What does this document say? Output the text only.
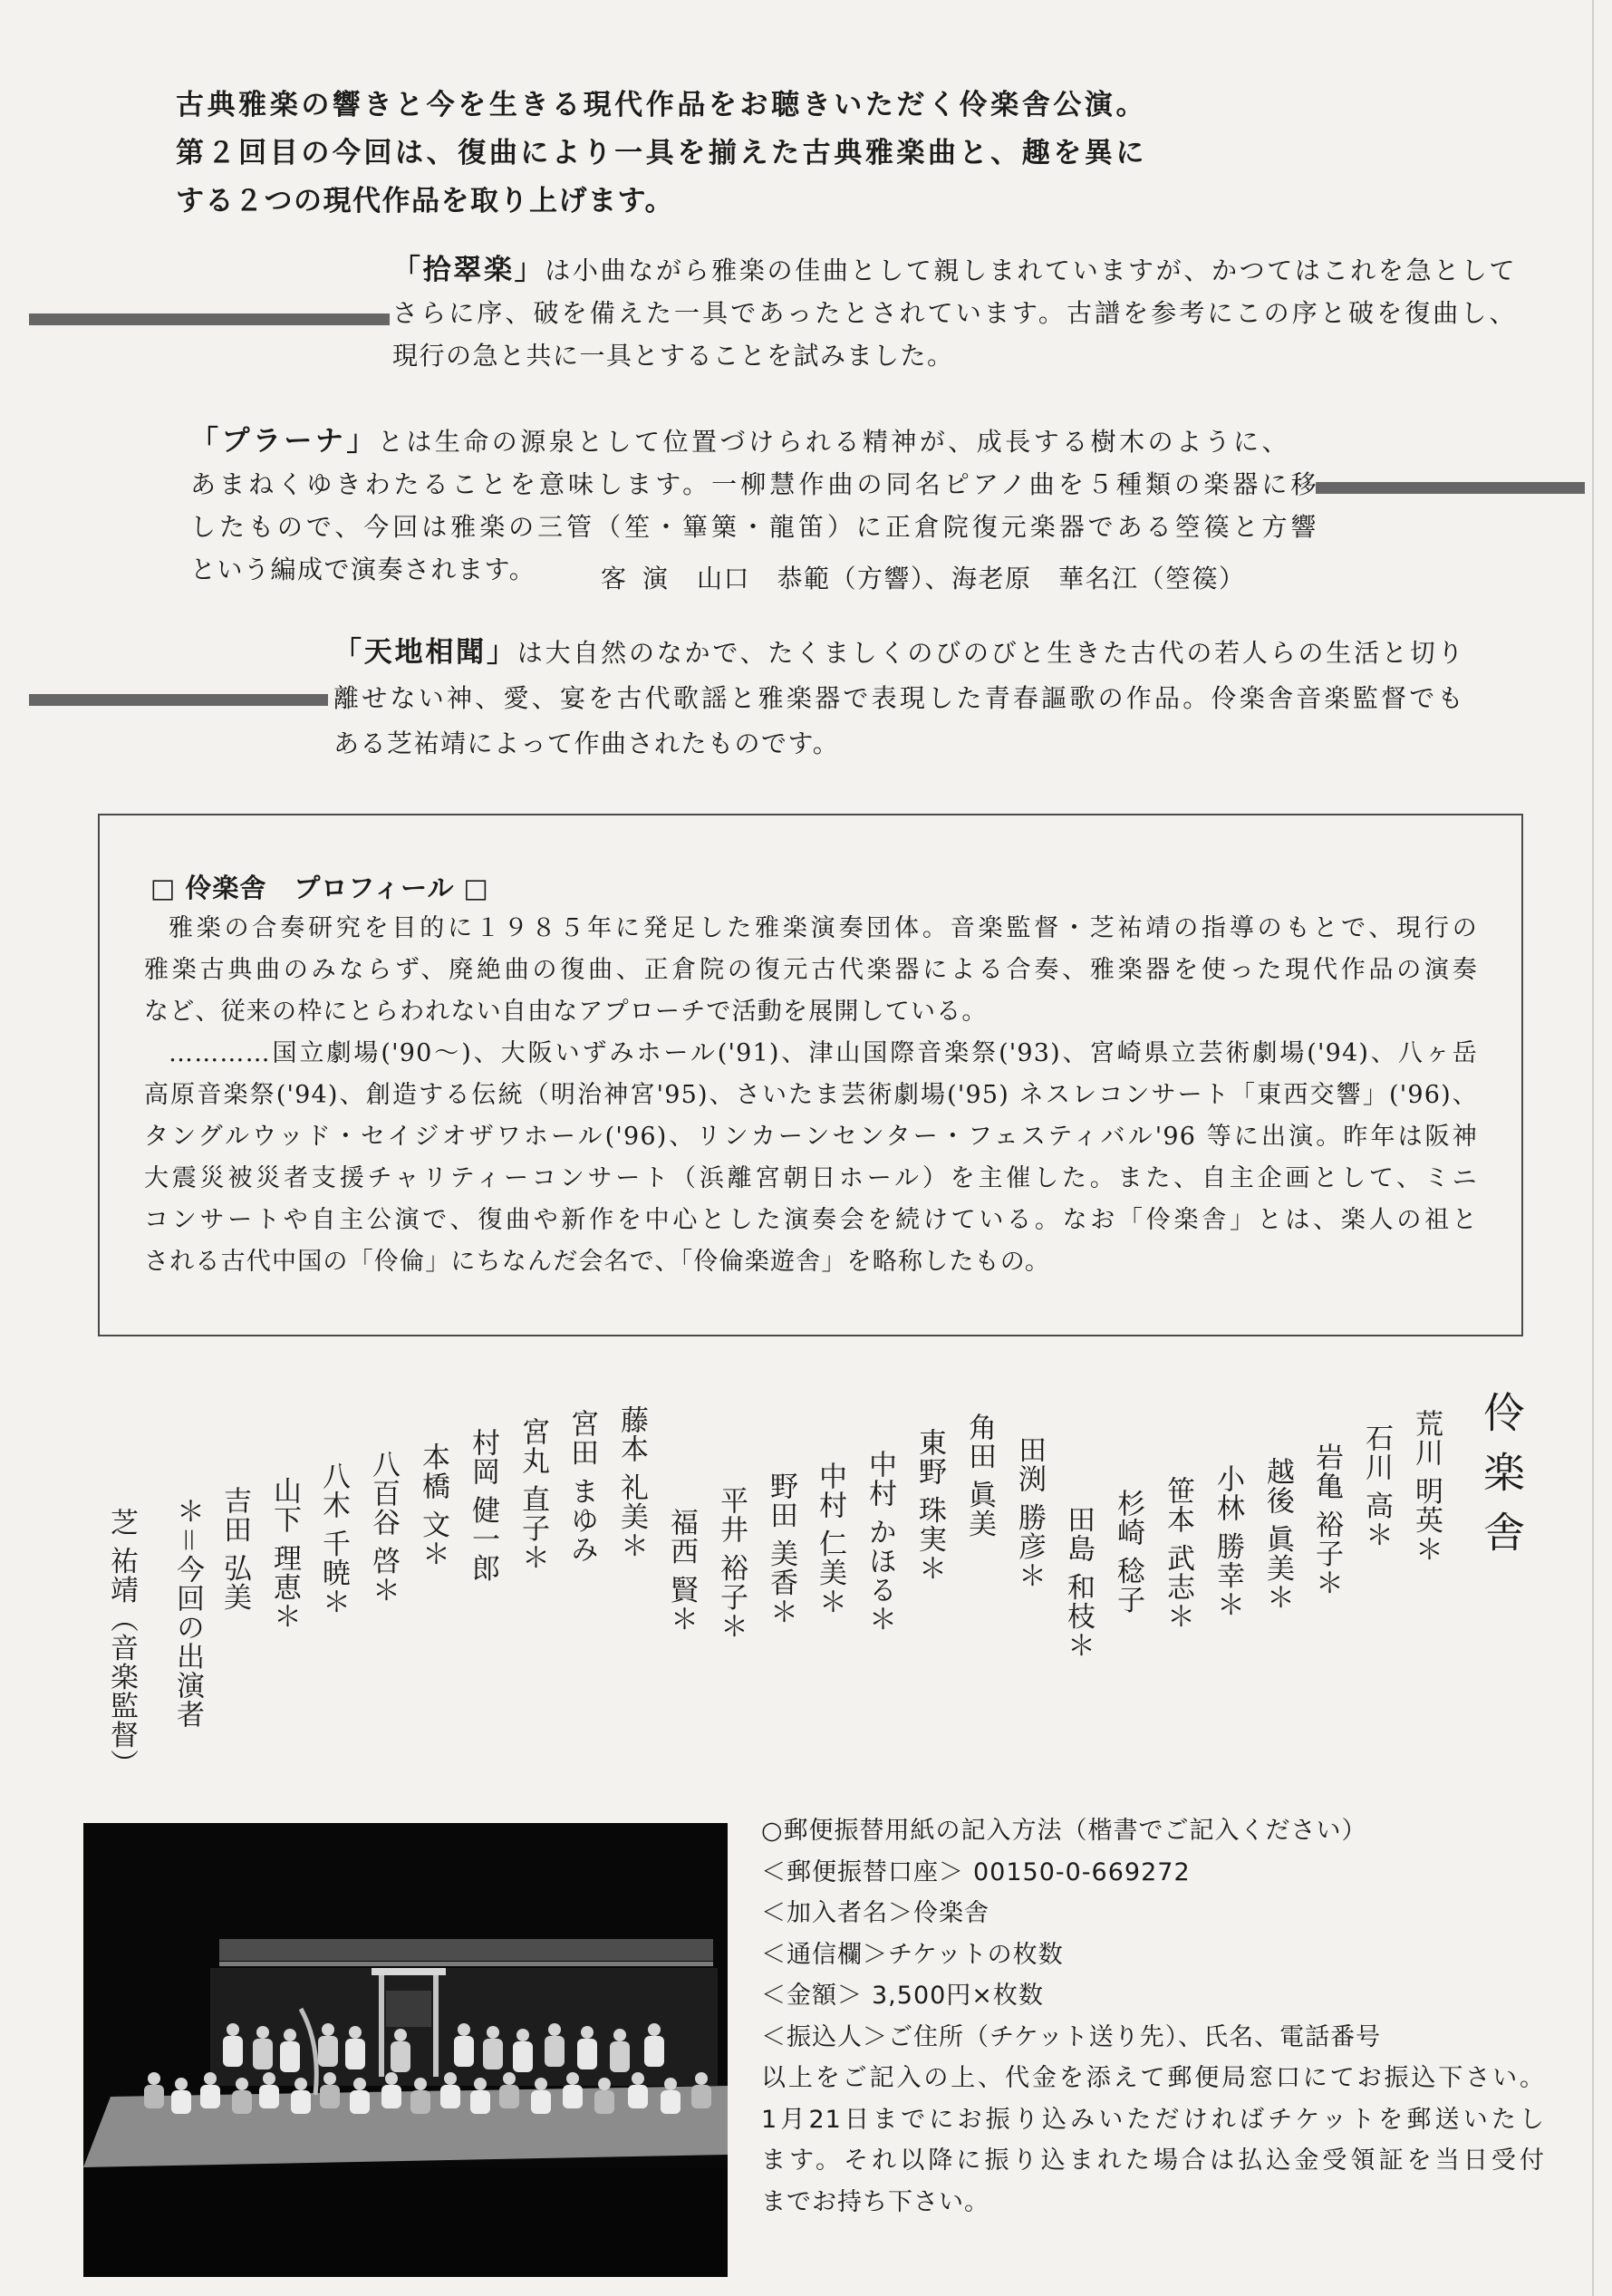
古典雅楽の響きと今を生きる現代作品をお聴きいただく伶楽舎公演。
第２回目の今回は、復曲により一具を揃えた古典雅楽曲と、趣を異に
する２つの現代作品を取り上げます。
「拾翠楽」は小曲ながら雅楽の佳曲として親しまれていますが、かつてはこれを急として
さらに序、破を備えた一具であったとされています。古譜を参考にこの序と破を復曲し、
現行の急と共に一具とすることを試みました。
「プラーナ」とは生命の源泉として位置づけられる精神が、成長する樹木のように、
あまねくゆきわたることを意味します。一柳慧作曲の同名ピアノ曲を５種類の楽器に移
したもので、今回は雅楽の三管（笙・篳篥・龍笛）に正倉院復元楽器である箜篌と方響
という編成で演奏されます。	客演 山口　恭範（方響）、海老原　華名江（箜篌）
「天地相聞」は大自然のなかで、たくましくのびのびと生きた古代の若人らの生活と切り
離せない神、愛、宴を古代歌謡と雅楽器で表現した青春謳歌の作品。伶楽舎音楽監督でも
ある芝祐靖によって作曲されたものです。
□ 伶楽舎　プロフィール □
雅楽の合奏研究を目的に１９８５年に発足した雅楽演奏団体。音楽監督・芝祐靖の指導のもとで、現行の
雅楽古典曲のみならず、廃絶曲の復曲、正倉院の復元古代楽器による合奏、雅楽器を使った現代作品の演奏
など、従来の枠にとらわれない自由なアプローチで活動を展開している。
…………国立劇場('90〜)、大阪いずみホール('91)、津山国際音楽祭('93)、宮崎県立芸術劇場('94)、八ヶ岳
高原音楽祭('94)、創造する伝統（明治神宮'95)、さいたま芸術劇場('95) ネスレコンサート「東西交響」('96)、
タングルウッド・セイジオザワホール('96)、リンカーンセンター・フェスティバル'96 等に出演。昨年は阪神
大震災被災者支援チャリティーコンサート（浜離宮朝日ホール）を主催した。また、自主企画として、ミニ
コンサートや自主公演で、復曲や新作を中心とした演奏会を続けている。なお「伶楽舎」とは、楽人の祖と
される古代中国の「伶倫」にちなんだ会名で、「伶倫楽遊舎」を略称したもの。
伶楽舎
荒川 明英＊
石川 高＊
岩亀 裕子＊
越後 眞美＊
小林 勝幸＊
笹本 武志＊
杉崎 稔子
田島 和枝＊
田渕 勝彦＊
角田 眞美
東野 珠実＊
中村 かほる＊
中村 仁美＊
野田 美香＊
平井 裕子＊
福西 賢＊
藤本 礼美＊
宮田 まゆみ
宮丸 直子＊
村岡 健一郎
本橋 文＊
八百谷 啓＊
八木 千暁＊
山下 理恵＊
吉田 弘美
＊＝今回の出演者
芝 祐靖（音楽監督）
○郵便振替用紙の記入方法（楷書でご記入ください）
＜郵便振替口座＞ 00150-0-669272
＜加入者名＞伶楽舎
＜通信欄＞チケットの枚数
＜金額＞ 3,500円×枚数
＜振込人＞ご住所（チケット送り先）、氏名、電話番号
以上をご記入の上、代金を添えて郵便局窓口にてお振込下さい。
1月21日までにお振り込みいただければチケットを郵送いたし
ます。それ以降に振り込まれた場合は払込金受領証を当日受付
までお持ち下さい。
